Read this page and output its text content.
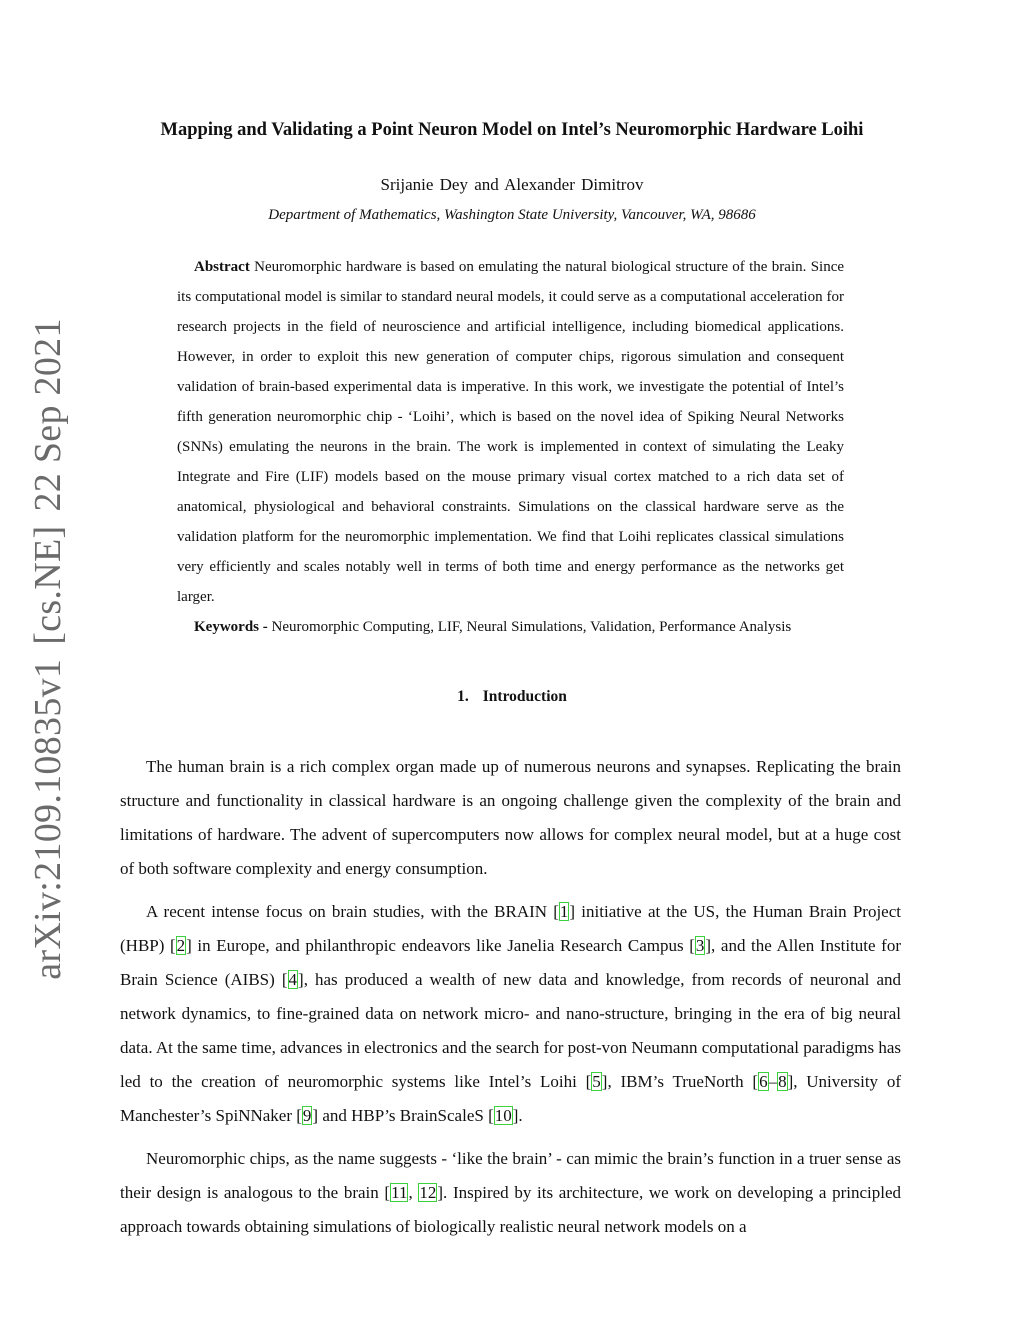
arXiv:2109.10835v1[cs.NE]22 Sep 2021
Mapping and Validating a Point Neuron Model on Intel’s Neuromorphic Hardware Loihi
Srijanie Dey and Alexander Dimitrov
Department of Mathematics, Washington State University, Vancouver, WA, 98686

Abstract Neuromorphic hardware is based on emulating the natural biological structure of the brain. Since its computational model is similar to standard neural models, it could serve as a computational acceleration for research projects in the field of neuroscience and artificial intelligence, including biomedical applications. However, in order to exploit this new generation of computer chips, rigorous simulation and consequent validation of brain-based experimental data is imperative. In this work, we investigate the potential of Intel’s fifth generation neuromorphic chip - ‘Loihi’, which is based on the novel idea of Spiking Neural Networks (SNNs) emulating the neurons in the brain. The work is implemented in context of simulating the Leaky Integrate and Fire (LIF) models based on the mouse primary visual cortex matched to a rich data set of anatomical, physiological and behavioral constraints. Simulations on the classical hardware serve as the validation platform for the neuromorphic implementation. We find that Loihi replicates classical simulations very efficiently and scales notably well in terms of both time and energy performance as the networks get larger.

Keywords - Neuromorphic Computing, LIF, Neural Simulations, Validation, Performance Analysis

1. Introduction

The human brain is a rich complex organ made up of numerous neurons and synapses. Replicating the brain structure and functionality in classical hardware is an ongoing challenge given the complexity of the brain and limitations of hardware. The advent of supercomputers now allows for complex neural model, but at a huge cost of both software complexity and energy consumption.

A recent intense focus on brain studies, with the BRAIN [1] initiative at the US, the Human Brain Project (HBP) [2] in Europe, and philanthropic endeavors like Janelia Research Campus [3], and the Allen Institute for Brain Science (AIBS) [4], has produced a wealth of new data and knowledge, from records of neuronal and network dynamics, to fine-grained data on network micro- and nano-structure, bringing in the era of big neural data. At the same time, advances in electronics and the search for post-von Neumann computational paradigms has led to the creation of neuromorphic systems like Intel’s Loihi [5], IBM’s TrueNorth [6–8], University of Manchester’s SpiNNaker [9] and HBP’s BrainScaleS [10].

Neuromorphic chips, as the name suggests - ‘like the brain’ - can mimic the brain’s function in a truer sense as their design is analogous to the brain [11, 12]. Inspired by its architecture, we work on developing a principled approach towards obtaining simulations of biologically realistic neural network models on a
